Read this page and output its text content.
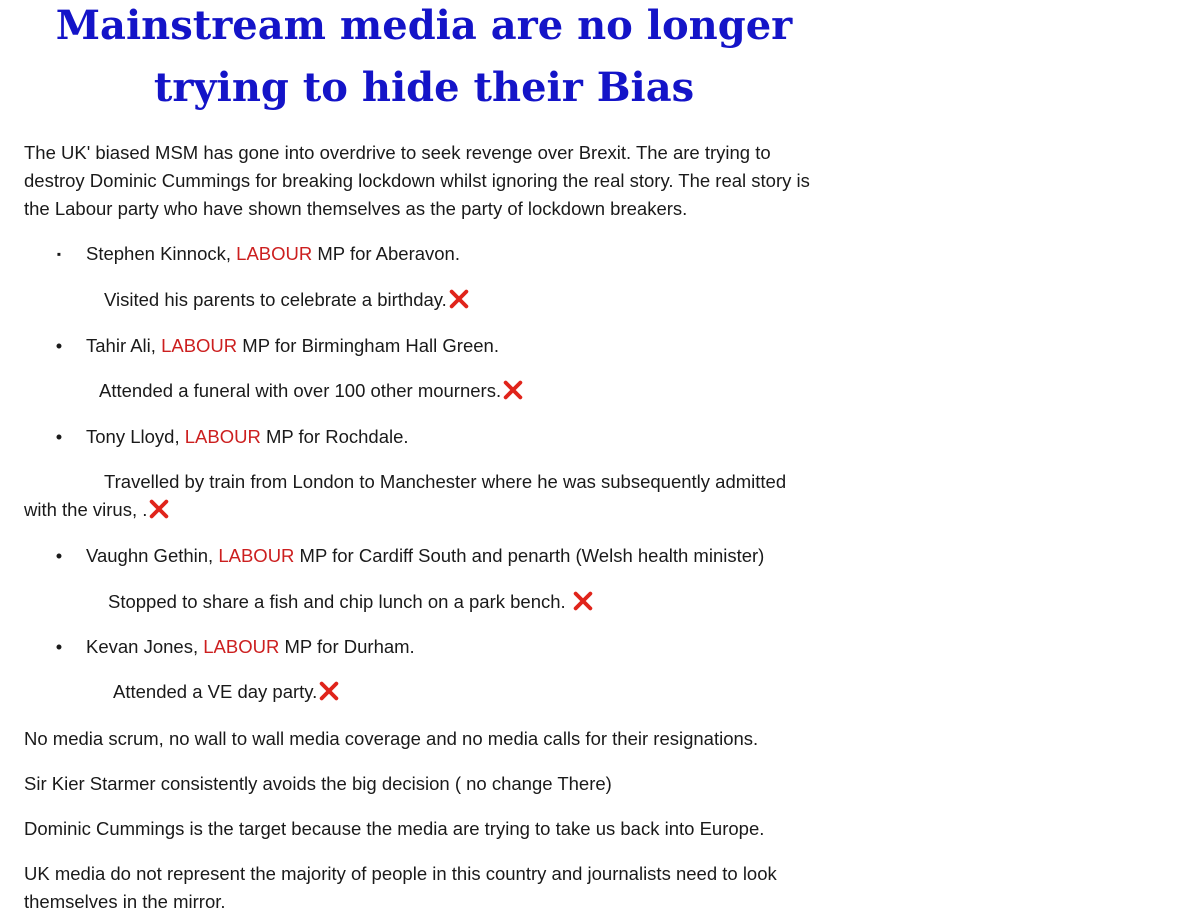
Mainstream media are no longer
trying to hide their Bias

The UK' biased MSM has gone into overdrive to seek revenge over Brexit. The are trying to destroy Dominic Cummings for breaking lockdown whilst ignoring the real story. The real story is the Labour party who have shown themselves as the party of lockdown breakers.

▪ Stephen Kinnock, LABOUR MP for Aberavon.
Visited his parents to celebrate a birthday.
• Tahir Ali, LABOUR MP for Birmingham Hall Green.
Attended a funeral with over 100 other mourners.
• Tony Lloyd, LABOUR MP for Rochdale.
Travelled by train from London to Manchester where he was subsequently admitted
with the virus, .
• Vaughn Gethin, LABOUR MP for Cardiff South and penarth (Welsh health minister)
Stopped to share a fish and chip lunch on a park bench.
• Kevan Jones, LABOUR MP for Durham.
Attended a VE day party.
No media scrum, no wall to wall media coverage and no media calls for their resignations.
Sir Kier Starmer consistently avoids the big decision ( no change There)
Dominic Cummings is the target because the media are trying to take us back into Europe.
UK media do not represent the majority of people in this country and journalists need to look
themselves in the mirror.
